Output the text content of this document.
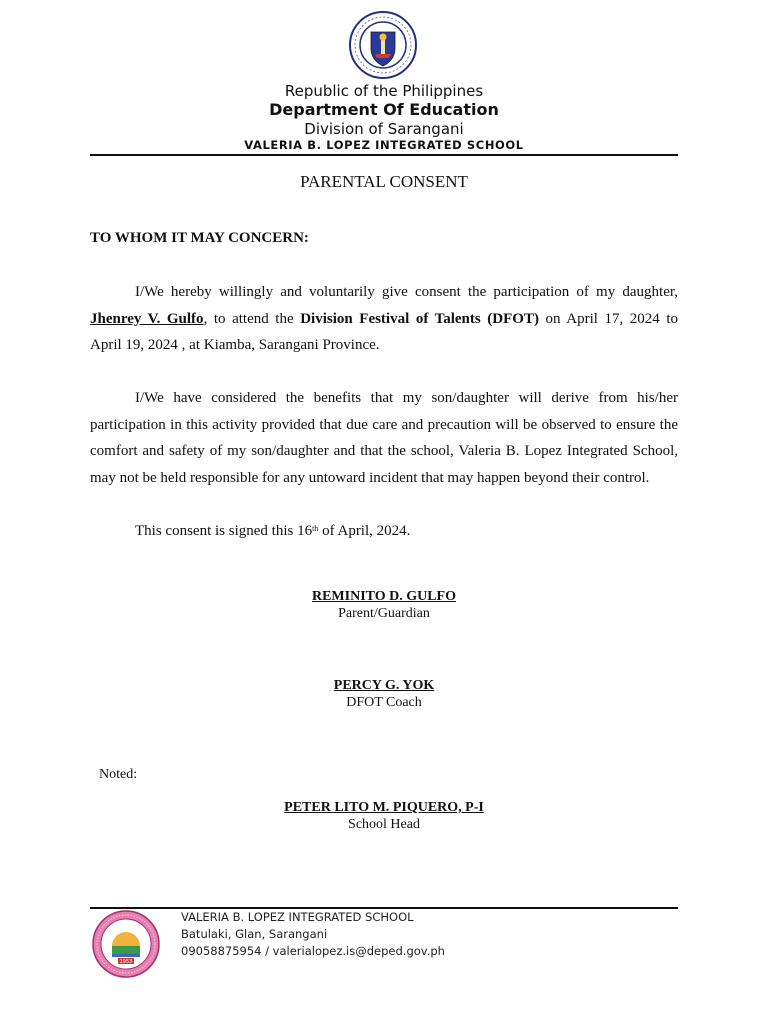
Republic of the Philippines
Department Of Education
Division of Sarangani
VALERIA B. LOPEZ INTEGRATED SCHOOL
PARENTAL CONSENT
TO WHOM IT MAY CONCERN:
I/We hereby willingly and voluntarily give consent the participation of my daughter,
Jhenrey V. Gulfo, to attend the Division Festival of Talents (DFOT) on April 17, 2024 to
April 19, 2024 , at Kiamba, Sarangani Province.
I/We have considered the benefits that my son/daughter will derive from his/her
participation in this activity provided that due care and precaution will be observed to ensure the
comfort and safety of my son/daughter and that the school, Valeria B. Lopez Integrated School,
may not be held responsible for any untoward incident that may happen beyond their control.
This consent is signed this 16th of April, 2024.
REMINITO D. GULFO
Parent/Guardian
PERCY G. YOK
DFOT Coach
Noted:
PETER LITO M. PIQUERO, P-I
School Head
1953
VALERIA B. LOPEZ INTEGRATED SCHOOL
Batulaki, Glan, Sarangani
09058875954 / valerialopez.is@deped.gov.ph
